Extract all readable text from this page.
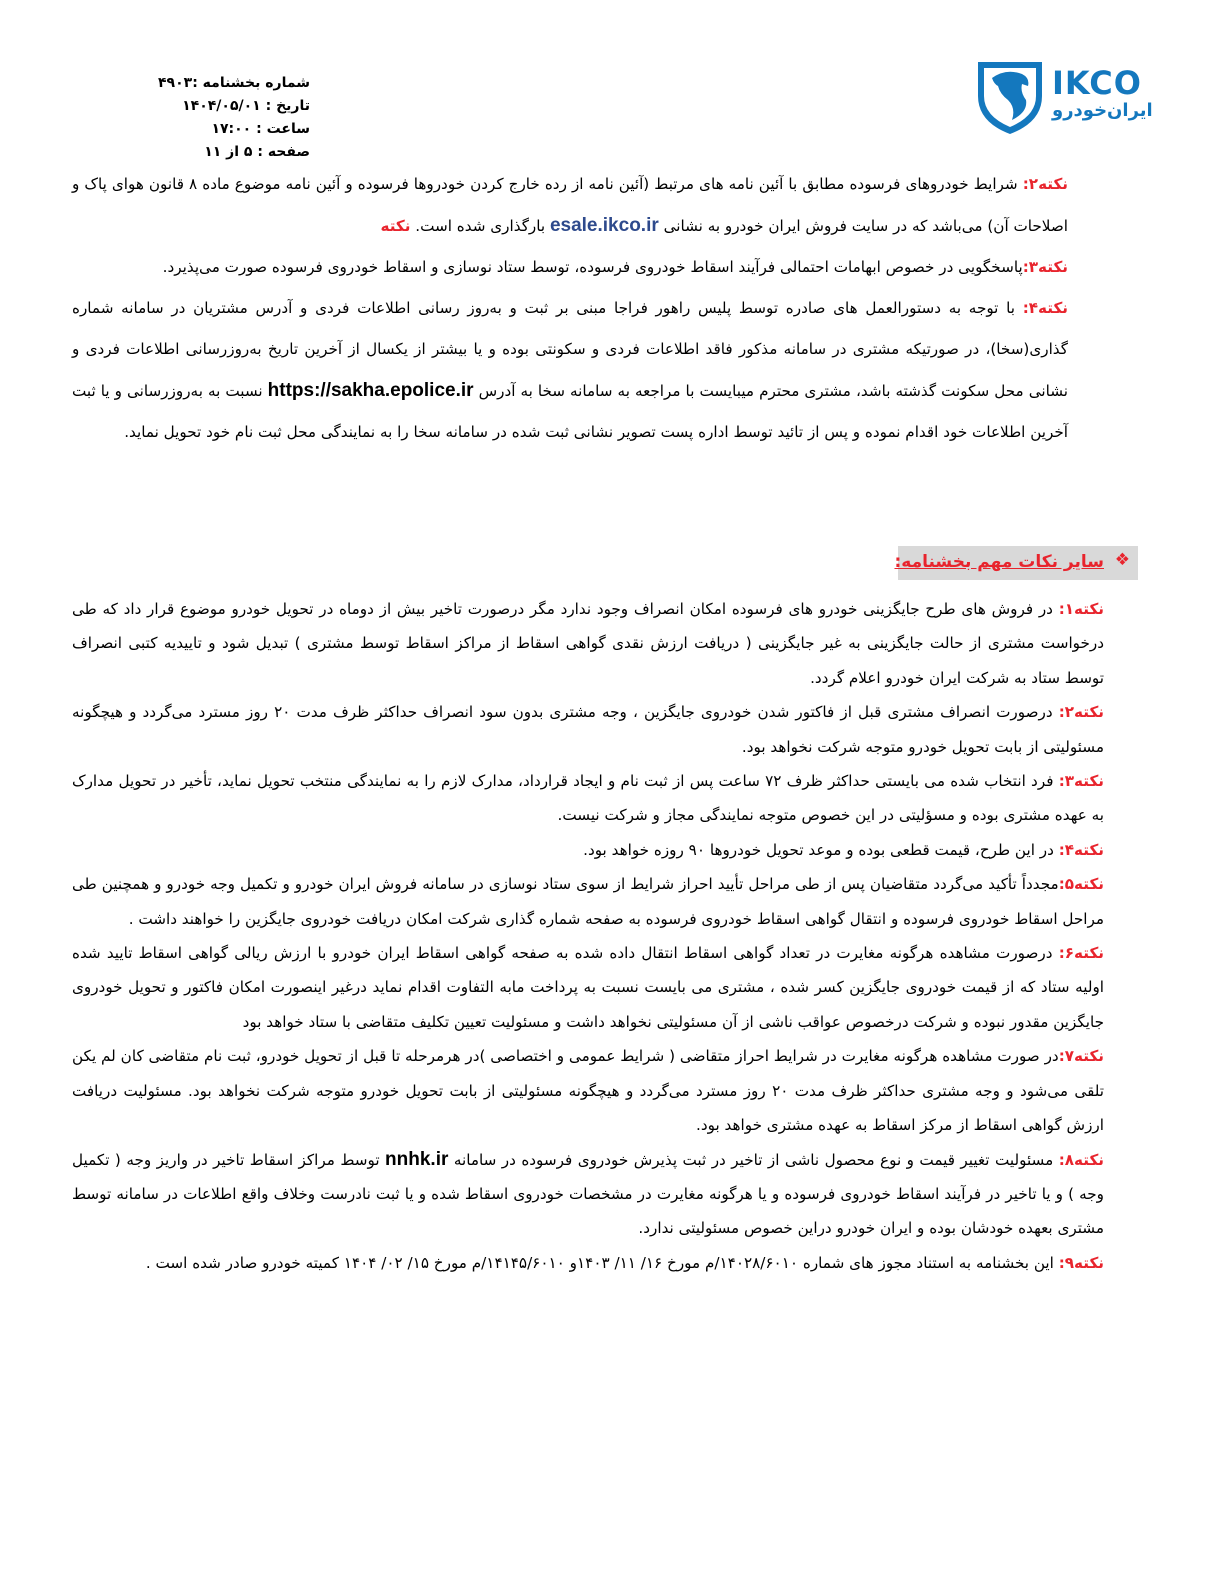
شماره بخشنامه :۴۹۰۳
تاریخ : ۱۴۰۴/۰۵/۰۱
ساعت : ۱۷:۰۰
صفحه : ۵ از ۱۱
IKCO
ایران‌خودرو

نکته۲: شرایط خودروهای فرسوده مطابق با آئین نامه های مرتبط (آئین نامه از رده خارج کردن خودروها فرسوده و آئین نامه موضوع ماده ۸ قانون هوای پاک و اصلاحات آن) می‌باشد که در سایت فروش ایران خودرو به نشانی esale.ikco.ir بارگذاری شده است. نکته

نکته۳:پاسخگویی در خصوص ابهامات احتمالی فرآیند اسقاط خودروی فرسوده، توسط ستاد نوسازی و اسقاط خودروی فرسوده صورت می‌پذیرد.

نکته۴: با توجه به دستورالعمل های صادره توسط پلیس راهور فراجا مبنی بر ثبت و به‌روز رسانی اطلاعات فردی و آدرس مشتریان در سامانه شماره گذاری(سخا)، در صورتیکه مشتری در سامانه مذکور فاقد اطلاعات فردی و سکونتی بوده و یا بیشتر از یکسال از آخرین تاریخ به‌روزرسانی اطلاعات فردی و نشانی محل سکونت گذشته باشد، مشتری محترم میبایست با مراجعه به سامانه سخا به آدرس https://sakha.epolice.ir نسبت به به‌روزرسانی و یا ثبت آخرین اطلاعات خود اقدام نموده و پس از تائید توسط اداره پست تصویر نشانی ثبت شده در سامانه سخا را به نمایندگی محل ثبت نام خود تحویل نماید.

❖
سایر نکات مهم بخشنامه:

نکته۱: در فروش های طرح جایگزینی خودرو های فرسوده امکان انصراف وجود ندارد مگر درصورت تاخیر بیش از دوماه در تحویل خودرو موضوع قرار داد که طی درخواست مشتری از حالت جایگزینی به غیر جایگزینی ( دریافت ارزش نقدی گواهی اسقاط از مراکز اسقاط توسط مشتری ) تبدیل شود و تاییدیه کتبی انصراف توسط ستاد به شرکت ایران خودرو اعلام گردد.

نکته۲: درصورت انصراف مشتری قبل از فاکتور شدن خودروی جایگزین ، وجه مشتری بدون سود انصراف حداکثر ظرف مدت ۲۰ روز مسترد می‌گردد و هیچگونه مسئولیتی از بابت تحویل خودرو متوجه شرکت نخواهد بود.

نکته۳: فرد انتخاب شده می بایستی حداکثر ظرف ۷۲ ساعت پس از ثبت نام و ایجاد قرارداد، مدارک لازم را به نمایندگی منتخب تحویل نماید، تأخیر در تحویل مدارک به عهده مشتری بوده و مسؤلیتی در این خصوص متوجه نمایندگی مجاز و شرکت نیست.

نکته۴: در این طرح، قیمت قطعی بوده و موعد تحویل خودروها ۹۰ روزه خواهد بود.

نکته۵:مجدداً تأکید می‌گردد متقاضیان پس از طی مراحل تأیید احراز شرایط از سوی ستاد نوسازی در سامانه فروش ایران خودرو و تکمیل وجه خودرو و همچنین طی مراحل اسقاط خودروی فرسوده و انتقال گواهی اسقاط خودروی فرسوده به صفحه شماره گذاری شرکت امکان دریافت خودروی جایگزین را خواهند داشت .

نکته۶: درصورت مشاهده هرگونه مغایرت در تعداد گواهی اسقاط انتقال داده شده به صفحه گواهی اسقاط ایران خودرو با ارزش ریالی گواهی اسقاط تایید شده اولیه ستاد که از قیمت خودروی جایگزین کسر شده ، مشتری می بایست نسبت به پرداخت مابه التفاوت اقدام نماید درغیر اینصورت امکان فاکتور و تحویل خودروی جایگزین مقدور نبوده و شرکت درخصوص عواقب ناشی از آن مسئولیتی نخواهد داشت و مسئولیت تعیین تکلیف متقاضی با ستاد خواهد بود

نکته۷:در صورت مشاهده هرگونه مغایرت در شرایط احراز متقاضی ( شرایط عمومی و اختصاصی )در هرمرحله تا قبل از تحویل خودرو، ثبت نام متقاضی کان لم یکن تلقی می‌شود و وجه مشتری حداکثر ظرف مدت ۲۰ روز مسترد می‌گردد و هیچگونه مسئولیتی از بابت تحویل خودرو متوجه شرکت نخواهد بود. مسئولیت دریافت ارزش گواهی اسقاط از مرکز اسقاط به عهده مشتری خواهد بود.

نکته۸: مسئولیت تغییر قیمت و نوع محصول ناشی از تاخیر در ثبت پذیرش خودروی فرسوده در سامانه nnhk.ir توسط مراکز اسقاط تاخیر در واریز وجه ( تکمیل وجه ) و یا تاخیر در فرآیند اسقاط خودروی فرسوده و یا هرگونه مغایرت در مشخصات خودروی اسقاط شده و یا ثبت نادرست وخلاف واقع اطلاعات در سامانه توسط مشتری بعهده خودشان بوده و ایران خودرو دراین خصوص مسئولیتی ندارد.

نکته۹: این بخشنامه به استناد مجوز های شماره ۱۴۰۲۸/۶۰۱۰/م مورخ ۱۶/ ۱۱/ ۱۴۰۳و ۱۴۱۴۵/۶۰۱۰/م مورخ ۱۵/ ۰۲/ ۱۴۰۴ کمیته خودرو صادر شده است .
